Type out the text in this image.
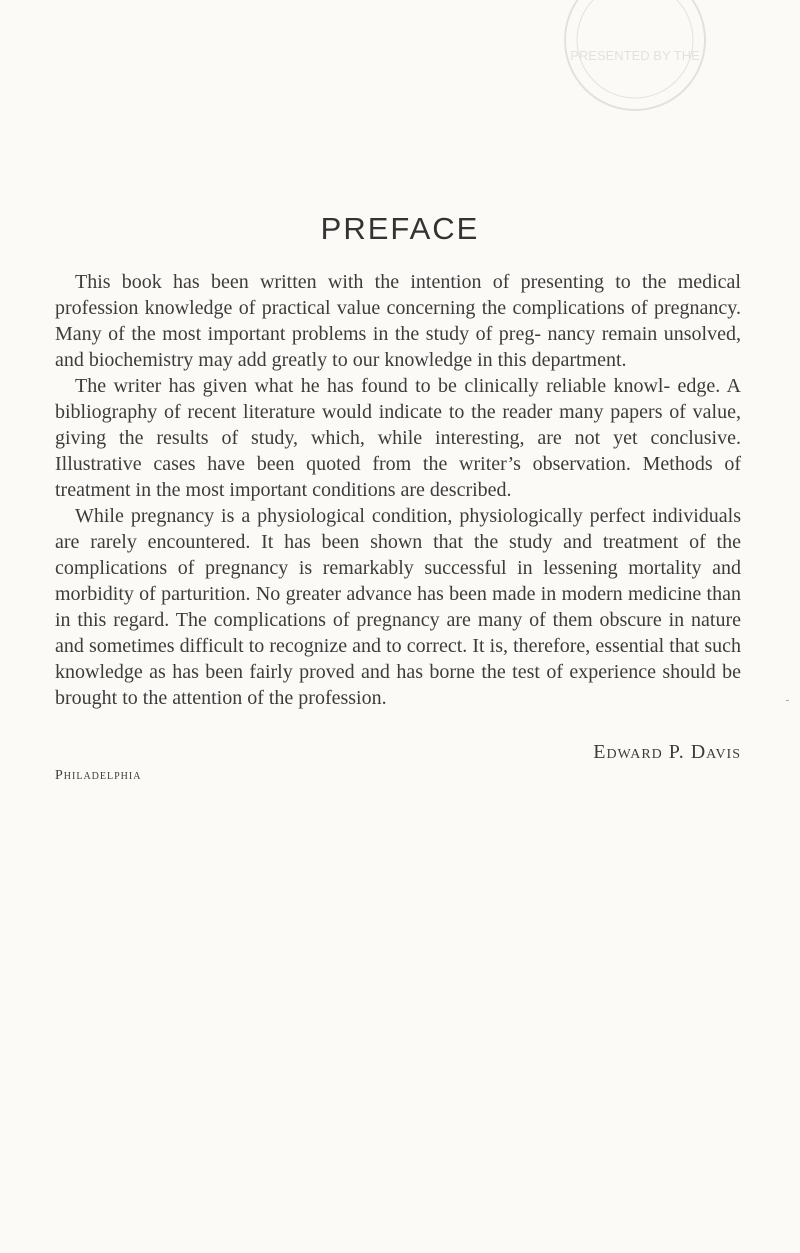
PRESENTED BY THE
PREFACE

This book has been written with the intention of presenting to the medical profession knowledge of practical value concerning the complications of pregnancy. Many of the most important problems in the study of preg- nancy remain unsolved, and biochemistry may add greatly to our knowledge in this department.

The writer has given what he has found to be clinically reliable knowl- edge. A bibliography of recent literature would indicate to the reader many papers of value, giving the results of study, which, while interesting, are not yet conclusive. Illustrative cases have been quoted from the writer’s observation. Methods of treatment in the most important conditions are described.

While pregnancy is a physiological condition, physiologically perfect individuals are rarely encountered. It has been shown that the study and treatment of the complications of pregnancy is remarkably successful in lessening mortality and morbidity of parturition. No greater advance has been made in modern medicine than in this regard. The complications of pregnancy are many of them obscure in nature and sometimes difficult to recognize and to correct. It is, therefore, essential that such knowledge as has been fairly proved and has borne the test of experience should be brought to the attention of the profession.

Edward P. Davis
Philadelphia
